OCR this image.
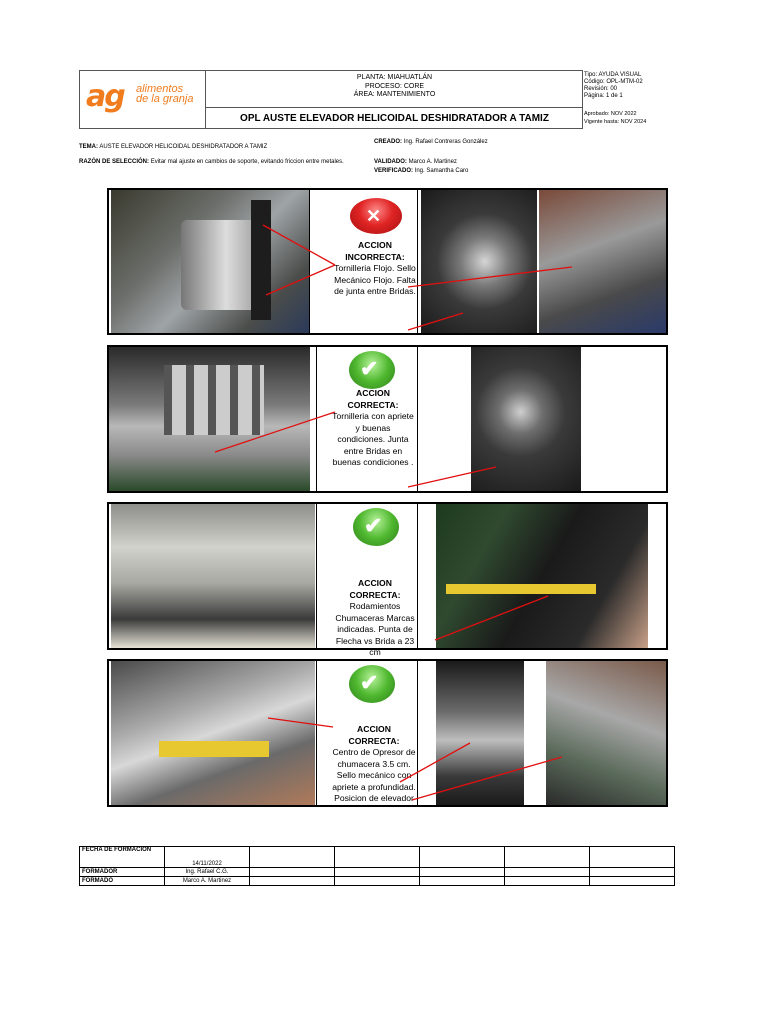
ag alimentos
de la granja
PLANTA: MIAHUATLÁN
PROCESO: CORE
ÁREA: MANTENIMIENTO
OPL AUSTE ELEVADOR HELICOIDAL DESHIDRATADOR A TAMIZ
Tipo: AYUDA VISUAL
Código: OPL-MTM-02
Revisión: 00
Página: 1 de 1
Aprobado: NOV 2022
Vigente hasta: NOV 2024
TEMA: AUSTE ELEVADOR HELICOIDAL DESHIDRATADOR A TAMIZ
RAZÓN DE SELECCIÓN: Evitar mal ajuste en cambios de soporte, evitando friccion entre metales.
CREADO: Ing. Rafael Contreras González
VALIDADO: Marco A. Martinez
VERIFICADO: Ing. Samantha Caro
✕
ACCION INCORRECTA:
Tornilleria Flojo. Sello Mecánico Flojo. Falta de junta entre Bridas.
✔
ACCION CORRECTA:
Tornilleria con apriete y buenas condiciones. Junta entre Bridas en buenas condiciones .
✔
ACCION CORRECTA:
Rodamientos Chumaceras Marcas indicadas. Punta de Flecha vs Brida a 23 cm
✔
ACCION CORRECTA:
Centro de Opresor de chumacera 3.5 cm. Sello mecánico con apriete a profundidad. Posicion de elevador
FECHA DE FORMACION	14/11/2022					
FORMADOR	Ing. Rafael C.G.					
FORMADO	Marco A. Martinez					
